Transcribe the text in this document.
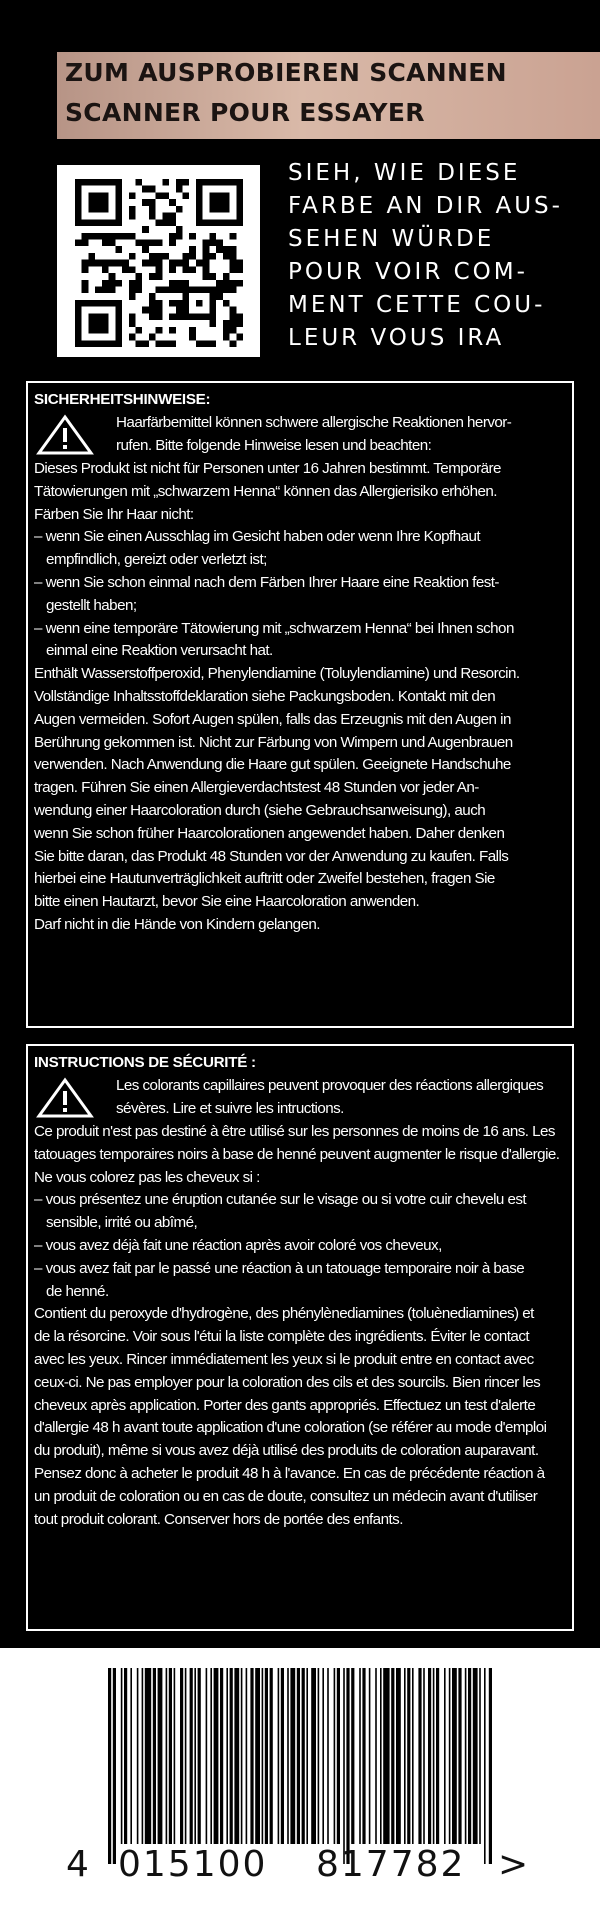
ZUM AUSPROBIEREN SCANNEN
SCANNER POUR ESSAYER
SIEH, WIE DIESE
FARBE AN DIR AUS-
SEHEN WÜRDE
POUR VOIR COM-
MENT CETTE COU-
LEUR VOUS IRA
SICHERHEITSHINWEISE:
Haarfärbemittel können schwere allergische Reaktionen hervor-
rufen. Bitte folgende Hinweise lesen und beachten:
Dieses Produkt ist nicht für Personen unter 16 Jahren bestimmt. Temporäre
Tätowierungen mit „schwarzem Henna“ können das Allergierisiko erhöhen.
Färben Sie Ihr Haar nicht:
– wenn Sie einen Ausschlag im Gesicht haben oder wenn Ihre Kopfhaut
empfindlich, gereizt oder verletzt ist;
– wenn Sie schon einmal nach dem Färben Ihrer Haare eine Reaktion fest-
gestellt haben;
– wenn eine temporäre Tätowierung mit „schwarzem Henna“ bei Ihnen schon
einmal eine Reaktion verursacht hat.
Enthält Wasserstoffperoxid, Phenylendiamine (Toluylendiamine) und Resorcin.
Vollständige Inhaltsstoffdeklaration siehe Packungsboden. Kontakt mit den
Augen vermeiden. Sofort Augen spülen, falls das Erzeugnis mit den Augen in
Berührung gekommen ist. Nicht zur Färbung von Wimpern und Augenbrauen
verwenden. Nach Anwendung die Haare gut spülen. Geeignete Handschuhe
tragen. Führen Sie einen Allergieverdachtstest 48 Stunden vor jeder An-
wendung einer Haarcoloration durch (siehe Gebrauchsanweisung), auch
wenn Sie schon früher Haarcolorationen angewendet haben. Daher denken
Sie bitte daran, das Produkt 48 Stunden vor der Anwendung zu kaufen. Falls
hierbei eine Hautunverträglichkeit auftritt oder Zweifel bestehen, fragen Sie
bitte einen Hautarzt, bevor Sie eine Haarcoloration anwenden.
Darf nicht in die Hände von Kindern gelangen.
INSTRUCTIONS DE SÉCURITÉ :
Les colorants capillaires peuvent provoquer des réactions allergiques
sévères. Lire et suivre les intructions.
Ce produit n'est pas destiné à être utilisé sur les personnes de moins de 16 ans. Les
tatouages temporaires noirs à base de henné peuvent augmenter le risque d'allergie.
Ne vous colorez pas les cheveux si :
– vous présentez une éruption cutanée sur le visage ou si votre cuir chevelu est
sensible, irrité ou abîmé,
– vous avez déjà fait une réaction après avoir coloré vos cheveux,
– vous avez fait par le passé une réaction à un tatouage temporaire noir à base
de henné.
Contient du peroxyde d'hydrogène, des phénylènediamines (toluènediamines) et
de la résorcine. Voir sous l'étui la liste complète des ingrédients. Éviter le contact
avec les yeux. Rincer immédiatement les yeux si le produit entre en contact avec
ceux-ci. Ne pas employer pour la coloration des cils et des sourcils. Bien rincer les
cheveux après application. Porter des gants appropriés. Effectuez un test d'alerte
d'allergie 48 h avant toute application d'une coloration (se référer au mode d'emploi
du produit), même si vous avez déjà utilisé des produits de coloration auparavant.
Pensez donc à acheter le produit 48 h à l'avance. En cas de précédente réaction à
un produit de coloration ou en cas de doute, consultez un médecin avant d'utiliser
tout produit colorant. Conserver hors de portée des enfants.
4 015100 817782 >
